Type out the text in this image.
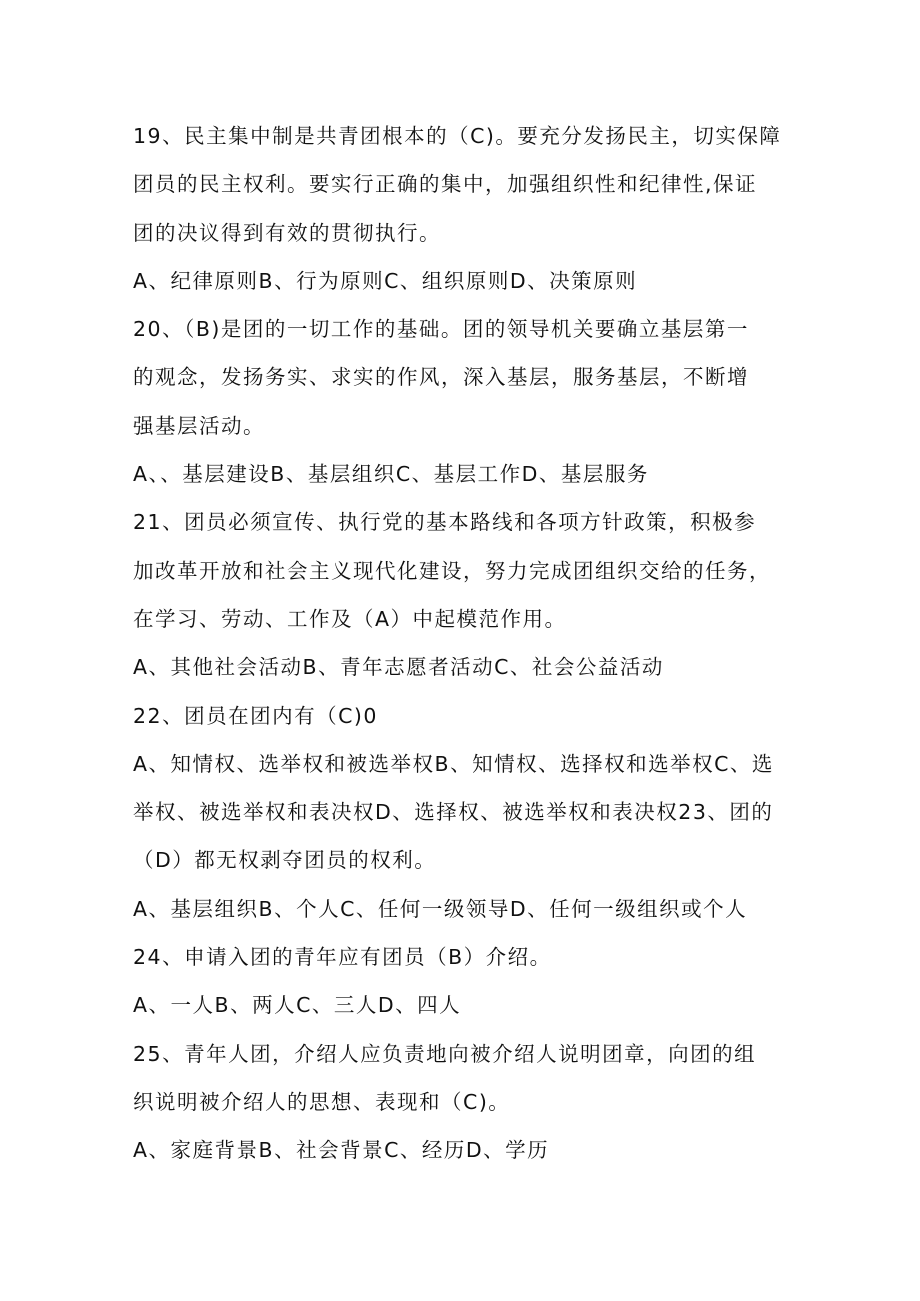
19、民主集中制是共青团根本的（C)。要充分发扬民主，切实保障
团员的民主权利。要实行正确的集中，加强组织性和纪律性,保证
团的决议得到有效的贯彻执行。
A、纪律原则B、行为原则C、组织原则D、决策原则
20、（B)是团的一切工作的基础。团的领导机关要确立基层第一
的观念，发扬务实、求实的作风，深入基层，服务基层，不断增
强基层活动。
A、、基层建设B、基层组织C、基层工作D、基层服务
21、团员必须宣传、执行党的基本路线和各项方针政策，积极参
加改革开放和社会主义现代化建设，努力完成团组织交给的任务，
在学习、劳动、工作及（A）中起模范作用。
A、其他社会活动B、青年志愿者活动C、社会公益活动
22、团员在团内有（C)0
A、知情权、选举权和被选举权B、知情权、选择权和选举权C、选
举权、被选举权和表决权D、选择权、被选举权和表决权23、团的
（D）都无权剥夺团员的权利。
A、基层组织B、个人C、任何一级领导D、任何一级组织或个人
24、申请入团的青年应有团员（B）介绍。
A、一人B、两人C、三人D、四人
25、青年人团，介绍人应负责地向被介绍人说明团章，向团的组
织说明被介绍人的思想、表现和（C)。
A、家庭背景B、社会背景C、经历D、学历
